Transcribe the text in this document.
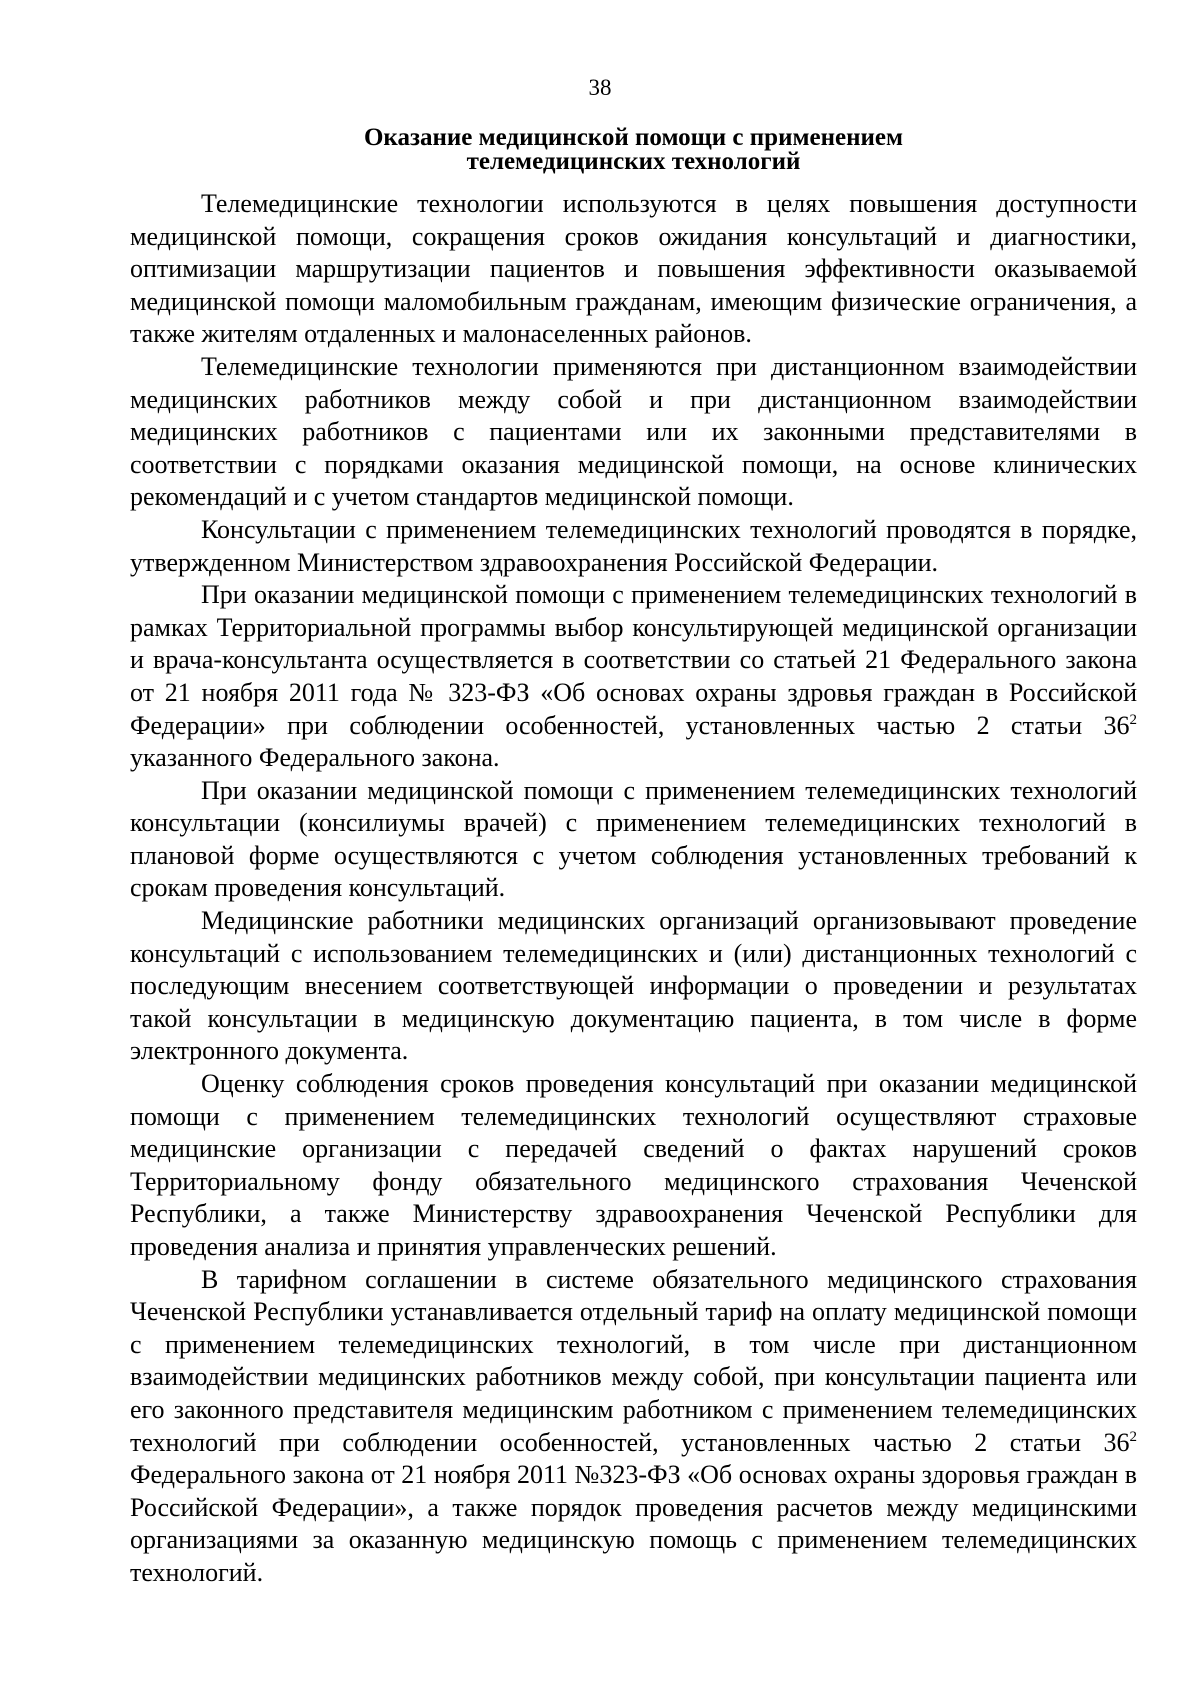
38
Оказание медицинской помощи с применением
телемедицинских технологий

Телемедицинские технологии используются в целях повышения доступности медицинской помощи, сокращения сроков ожидания консультаций и диагностики, оптимизации маршрутизации пациентов и повышения эффективности оказываемой медицинской помощи маломобильным гражданам, имеющим физические ограничения, а также жителям отдаленных и малонаселенных районов.

Телемедицинские технологии применяются при дистанционном взаимодействии медицинских работников между собой и при дистанционном взаимодействии медицинских работников с пациентами или их законными представителями в соответствии с порядками оказания медицинской помощи, на основе клинических рекомендаций и с учетом стандартов медицинской помощи.

Консультации с применением телемедицинских технологий проводятся в порядке, утвержденном Министерством здравоохранения Российской Федерации.

При оказании медицинской помощи с применением телемедицинских технологий в рамках Территориальной программы выбор консультирующей медицинской организации и врача-консультанта осуществляется в соответствии со статьей 21 Федерального закона от 21 ноября 2011 года № 323-ФЗ «Об основах охраны здровья граждан в Российской Федерации» при соблюдении особенностей, установленных частью 2 статьи $36^2$ указанного Федерального закона.

При оказании медицинской помощи с применением телемедицинских технологий консультации (консилиумы врачей) с применением телемедицинских технологий в плановой форме осуществляются с учетом соблюдения установленных требований к срокам проведения консультаций.

Медицинские работники медицинских организаций организовывают проведение консультаций с использованием телемедицинских и (или) дистанционных технологий с последующим внесением соответствующей информации о проведении и результатах такой консультации в медицинскую документацию пациента, в том числе в форме электронного документа.

Оценку соблюдения сроков проведения консультаций при оказании медицинской помощи с применением телемедицинских технологий осуществляют страховые медицинские организации с передачей сведений о фактах нарушений сроков Территориальному фонду обязательного медицинского страхования Чеченской Республики, а также Министерству здравоохранения Чеченской Республики для проведения анализа и принятия управленческих решений.

В тарифном соглашении в системе обязательного медицинского страхования Чеченской Республики устанавливается отдельный тариф на оплату медицинской помощи с применением телемедицинских технологий, в том числе при дистанционном взаимодействии медицинских работников между собой, при консультации пациента или его законного представителя медицинским работником с применением телемедицинских технологий при соблюдении особенностей, установленных частью 2 статьи $36^2$ Федерального закона от 21 ноября 2011 №323-ФЗ «Об основах охраны здоровья граждан в Российской Федерации», а также порядок проведения расчетов между медицинскими организациями за оказанную медицинскую помощь с применением телемедицинских технологий.
